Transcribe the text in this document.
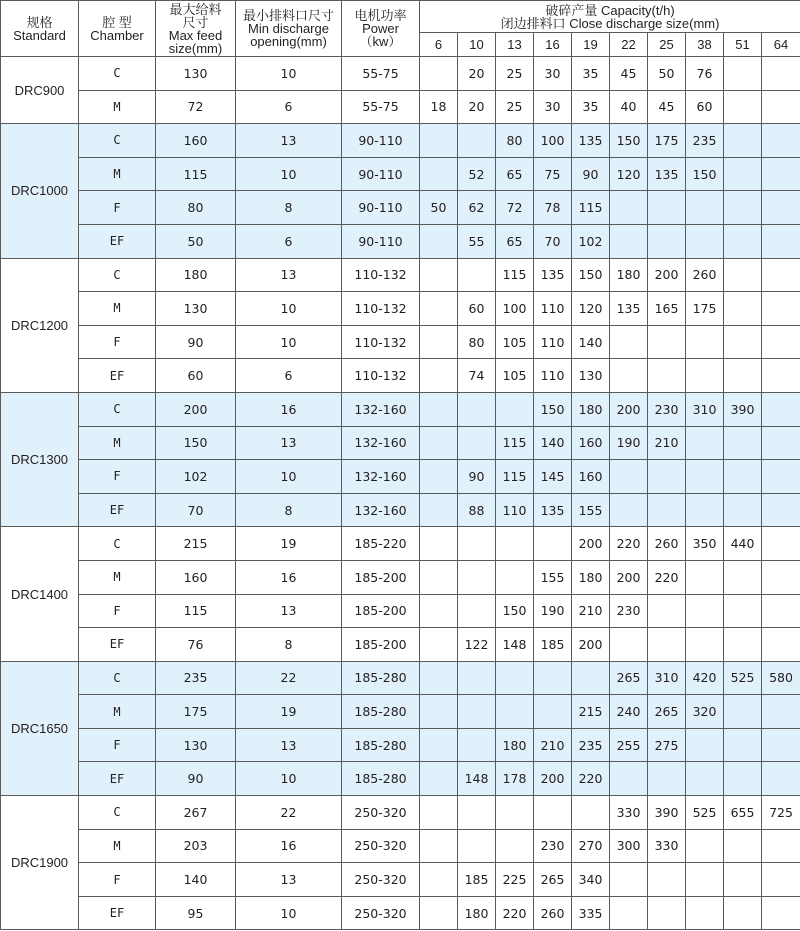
规格
Standard	腔 型
Chamber	最大给料
尺寸
Max feed
size(mm)	最小排料口尺寸
Min discharge
opening(mm)	电机功率
Power
（kw）	破碎产量 Capacity(t/h)
闭边排料口 Close discharge size(mm)									

					6	10	13	16	19	22	25	38	51	64
DRC900	C	130	10	55-75		20	25	30	35	45	50	76		
	M	72	6	55-75	18	20	25	30	35	40	45	60		
DRC1000	C	160	13	90-110			80	100	135	150	175	235		
	M	115	10	90-110		52	65	75	90	120	135	150		
	F	80	8	90-110	50	62	72	78	115					
	EF	50	6	90-110		55	65	70	102					
DRC1200	C	180	13	110-132			115	135	150	180	200	260		
	M	130	10	110-132		60	100	110	120	135	165	175		
	F	90	10	110-132		80	105	110	140					
	EF	60	6	110-132		74	105	110	130					
DRC1300	C	200	16	132-160				150	180	200	230	310	390	
	M	150	13	132-160			115	140	160	190	210			
	F	102	10	132-160		90	115	145	160					
	EF	70	8	132-160		88	110	135	155					
DRC1400	C	215	19	185-220					200	220	260	350	440	
	M	160	16	185-200				155	180	200	220			
	F	115	13	185-200			150	190	210	230				
	EF	76	8	185-200		122	148	185	200					
DRC1650	C	235	22	185-280						265	310	420	525	580
	M	175	19	185-280					215	240	265	320		
	F	130	13	185-280			180	210	235	255	275			
	EF	90	10	185-280		148	178	200	220					
DRC1900	C	267	22	250-320						330	390	525	655	725
	M	203	16	250-320				230	270	300	330			
	F	140	13	250-320		185	225	265	340					
	EF	95	10	250-320		180	220	260	335					
